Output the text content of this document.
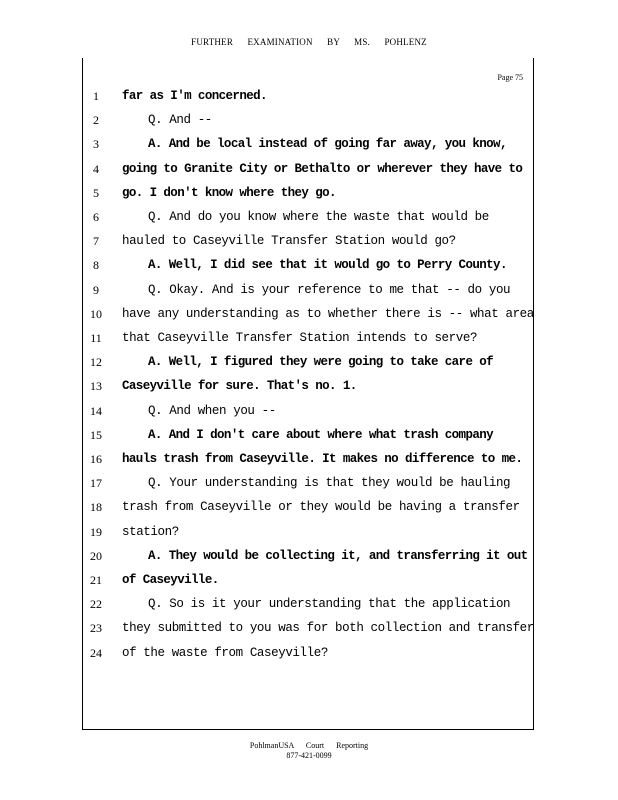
FURTHER EXAMINATION BY MS. POHLENZ
Page 75
1	far as I'm concerned.
2	Q. And --
3	A. And be local instead of going far away, you know,
4	going to Granite City or Bethalto or wherever they have to
5	go. I don't know where they go.
6	Q. And do you know where the waste that would be
7	hauled to Caseyville Transfer Station would go?
8	A. Well, I did see that it would go to Perry County.
9	Q. Okay. And is your reference to me that -- do you
10	have any understanding as to whether there is -- what area
11	that Caseyville Transfer Station intends to serve?
12	A. Well, I figured they were going to take care of
13	Caseyville for sure. That's no. 1.
14	Q. And when you --
15	A. And I don't care about where what trash company
16	hauls trash from Caseyville. It makes no difference to me.
17	Q. Your understanding is that they would be hauling
18	trash from Caseyville or they would be having a transfer
19	station?
20	A. They would be collecting it, and transferring it out
21	of Caseyville.
22	Q. So is it your understanding that the application
23	they submitted to you was for both collection and transfer
24	of the waste from Caseyville?
PohlmanUSA Court Reporting
877-421-0099
